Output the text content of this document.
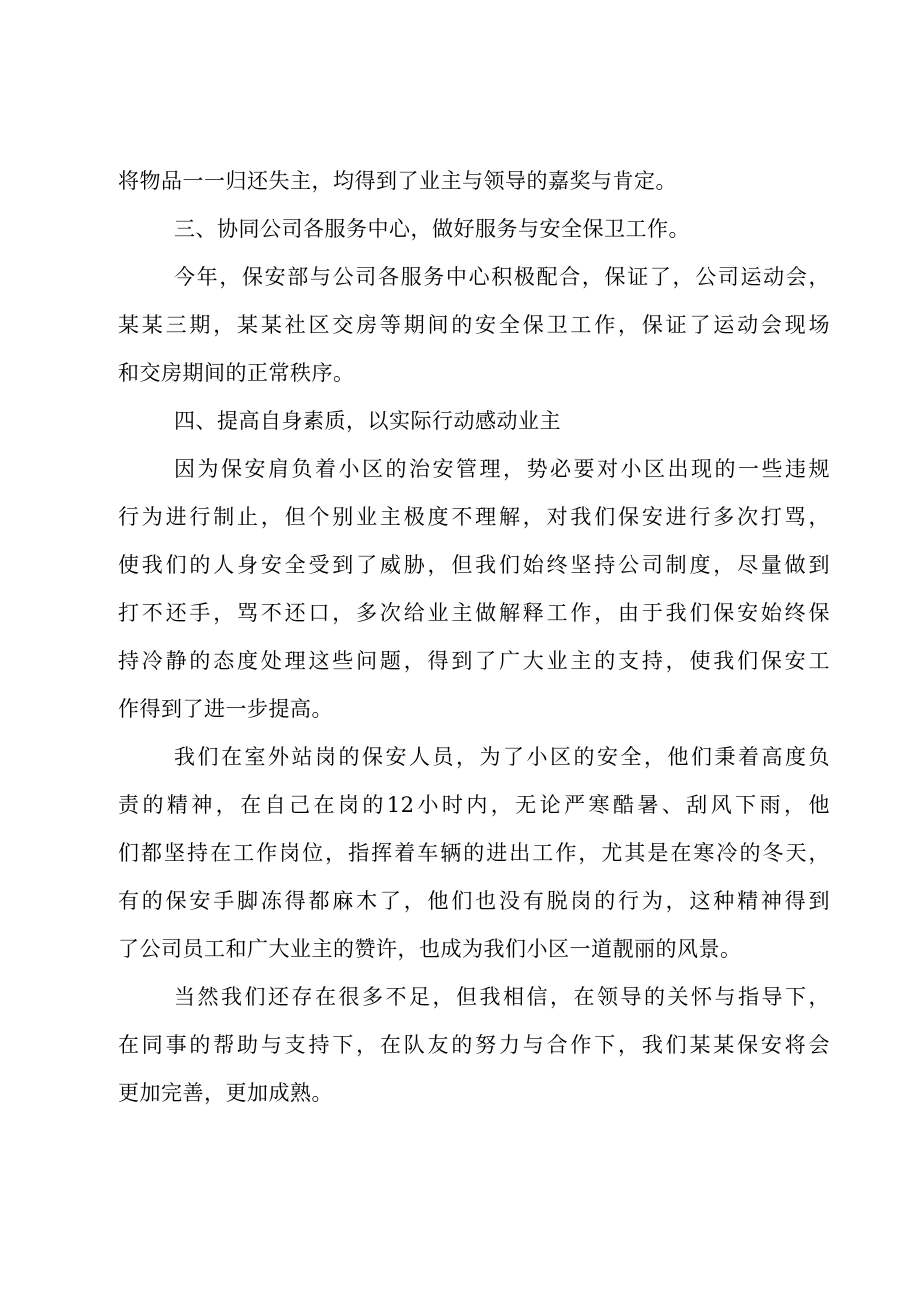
将物品一一归还失主，均得到了业主与领导的嘉奖与肯定。
三、协同公司各服务中心，做好服务与安全保卫工作。
今年，保安部与公司各服务中心积极配合，保证了，公司运动会，
某某三期，某某社区交房等期间的安全保卫工作，保证了运动会现场
和交房期间的正常秩序。
四、提高自身素质，以实际行动感动业主
因为保安肩负着小区的治安管理，势必要对小区出现的一些违规
行为进行制止，但个别业主极度不理解，对我们保安进行多次打骂，
使我们的人身安全受到了威胁，但我们始终坚持公司制度，尽量做到
打不还手，骂不还口，多次给业主做解释工作，由于我们保安始终保
持冷静的态度处理这些问题，得到了广大业主的支持，使我们保安工
作得到了进一步提高。
我们在室外站岗的保安人员，为了小区的安全，他们秉着高度负
责的精神，在自己在岗的12小时内，无论严寒酷暑、刮风下雨，他
们都坚持在工作岗位，指挥着车辆的进出工作，尤其是在寒冷的冬天，
有的保安手脚冻得都麻木了，他们也没有脱岗的行为，这种精神得到
了公司员工和广大业主的赞许，也成为我们小区一道靓丽的风景。
当然我们还存在很多不足，但我相信，在领导的关怀与指导下，
在同事的帮助与支持下，在队友的努力与合作下，我们某某保安将会
更加完善，更加成熟。
